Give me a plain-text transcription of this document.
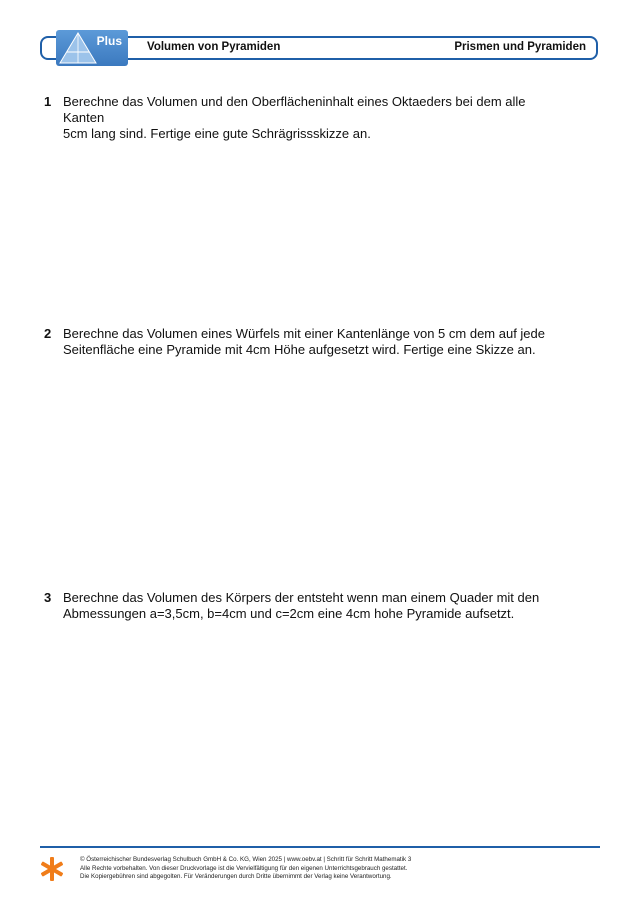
Plus Volumen von Pyramiden	Prismen und Pyramiden
1 Berechne das Volumen und den Oberflächeninhalt eines Oktaeders bei dem alle Kanten
5cm lang sind. Fertige eine gute Schrägrissskizze an.
2 Berechne das Volumen eines Würfels mit einer Kantenlänge von 5 cm dem auf jede
Seitenfläche eine Pyramide mit 4cm Höhe aufgesetzt wird. Fertige eine Skizze an.
3 Berechne das Volumen des Körpers der entsteht wenn man einem Quader mit den
Abmessungen a=3,5cm, b=4cm und c=2cm eine 4cm hohe Pyramide aufsetzt.
© Österreichischer Bundesverlag Schulbuch GmbH & Co. KG, Wien 2025 | www.oebv.at | Schritt für Schritt Mathematik 3
Alle Rechte vorbehalten. Von dieser Druckvorlage ist die Vervielfältigung für den eigenen Unterrichtsgebrauch gestattet.
Die Kopiergebühren sind abgegolten. Für Veränderungen durch Dritte übernimmt der Verlag keine Verantwortung.
